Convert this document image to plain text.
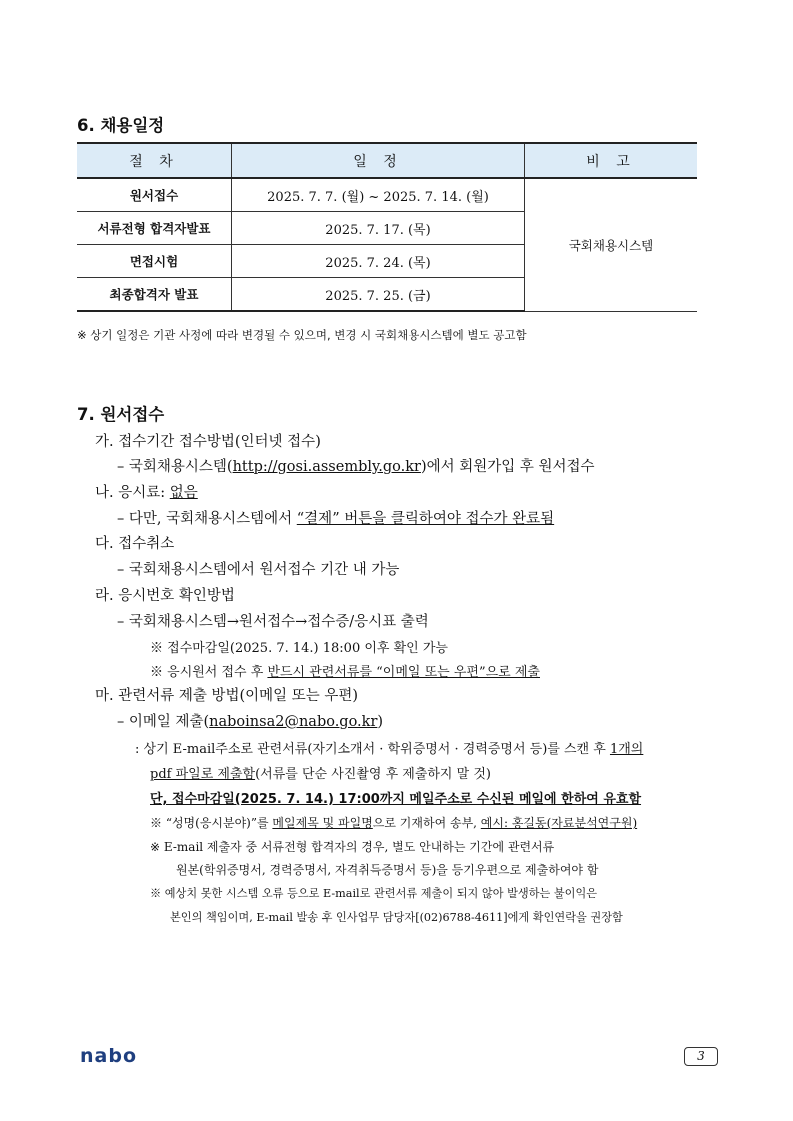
6. 채용일정
절 차	일 정	비 고
원서접수	2025. 7. 7. (월) ~ 2025. 7. 14. (월)	국회채용시스템
서류전형 합격자발표	2025. 7. 17. (목)	
면접시험	2025. 7. 24. (목)	
최종합격자 발표	2025. 7. 25. (금)	
※ 상기 일정은 기관 사정에 따라 변경될 수 있으며, 변경 시 국회채용시스템에 별도 공고함
7. 원서접수
가. 접수기간 접수방법(인터넷 접수)
– 국회채용시스템(http://gosi.assembly.go.kr)에서 회원가입 후 원서접수
나. 응시료: 없음
– 다만, 국회채용시스템에서 “결제” 버튼을 클릭하여야 접수가 완료됨
다. 접수취소
– 국회채용시스템에서 원서접수 기간 내 가능
라. 응시번호 확인방법
– 국회채용시스템→원서접수→접수증/응시표 출력
※ 접수마감일(2025. 7. 14.) 18:00 이후 확인 가능
※ 응시원서 접수 후 반드시 관련서류를 “이메일 또는 우편”으로 제출
마. 관련서류 제출 방법(이메일 또는 우편)
– 이메일 제출(naboinsa2@nabo.go.kr)
: 상기 E-mail주소로 관련서류(자기소개서 · 학위증명서 · 경력증명서 등)를 스캔 후 1개의
pdf 파일로 제출함(서류를 단순 사진촬영 후 제출하지 말 것)
단, 접수마감일(2025. 7. 14.) 17:00까지 메일주소로 수신된 메일에 한하여 유효함
※ “성명(응시분야)”를 메일제목 및 파일명으로 기재하여 송부, 예시: 홍길동(자료분석연구원)
※ E-mail 제출자 중 서류전형 합격자의 경우, 별도 안내하는 기간에 관련서류
원본(학위증명서, 경력증명서, 자격취득증명서 등)을 등기우편으로 제출하여야 함
※ 예상치 못한 시스템 오류 등으로 E-mail로 관련서류 제출이 되지 않아 발생하는 불이익은
본인의 책임이며, E-mail 발송 후 인사업무 담당자[(02)6788-4611]에게 확인연락을 권장함
nabo	3
